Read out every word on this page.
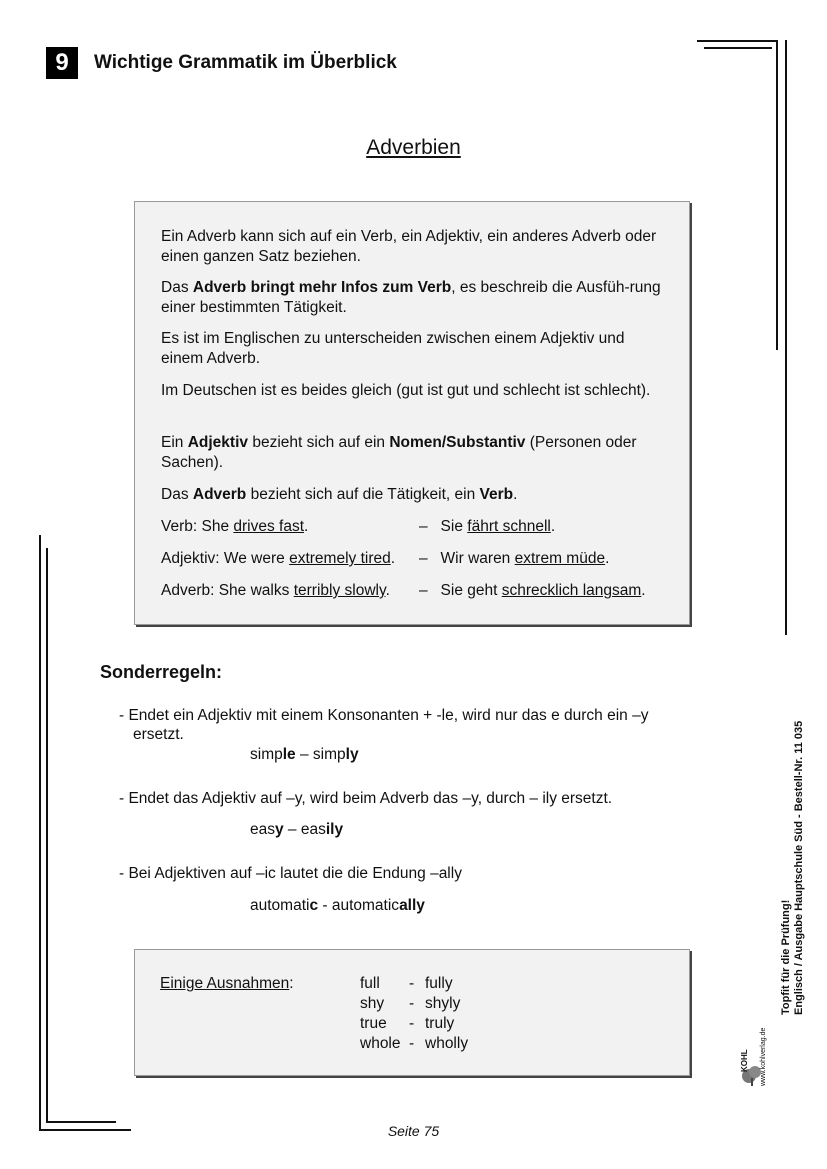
9	Wichtige Grammatik im Überblick
Adverbien
Ein Adverb kann sich auf ein Verb, ein Adjektiv, ein anderes Adverb oder einen ganzen Satz beziehen.
Das Adverb bringt mehr Infos zum Verb, es beschreib die Ausfüh-rung einer bestimmten Tätigkeit.
Es ist im Englischen zu unterscheiden zwischen einem Adjektiv und einem Adverb.
Im Deutschen ist es beides gleich (gut ist gut und schlecht ist schlecht).
Ein Adjektiv bezieht sich auf ein Nomen/Substantiv (Personen oder Sachen).
Das Adverb bezieht sich auf die Tätigkeit, ein Verb.
Verb: She drives fast.	– Sie fährt schnell.
Adjektiv: We were extremely tired. – Wir waren extrem müde.
Adverb: She walks terribly slowly. – Sie geht schrecklich langsam.
Sonderregeln:
- Endet ein Adjektiv mit einem Konsonanten + -le, wird nur das e durch ein –y
ersetzt.
simple – simply
- Endet das Adjektiv auf –y, wird beim Adverb das –y, durch – ily ersetzt.
easy – easily
- Bei Adjektiven auf –ic lautet die die Endung –ally
automatic - automatically
Einige Ausnahmen:	full - fully
shy - shyly
true - truly
whole - wholly
Seite 75
Topfit für die Prüfung! Englisch / Ausgabe Hauptschule Süd - Bestell-Nr. 11 035
KOHL www.kohlverlag.de
